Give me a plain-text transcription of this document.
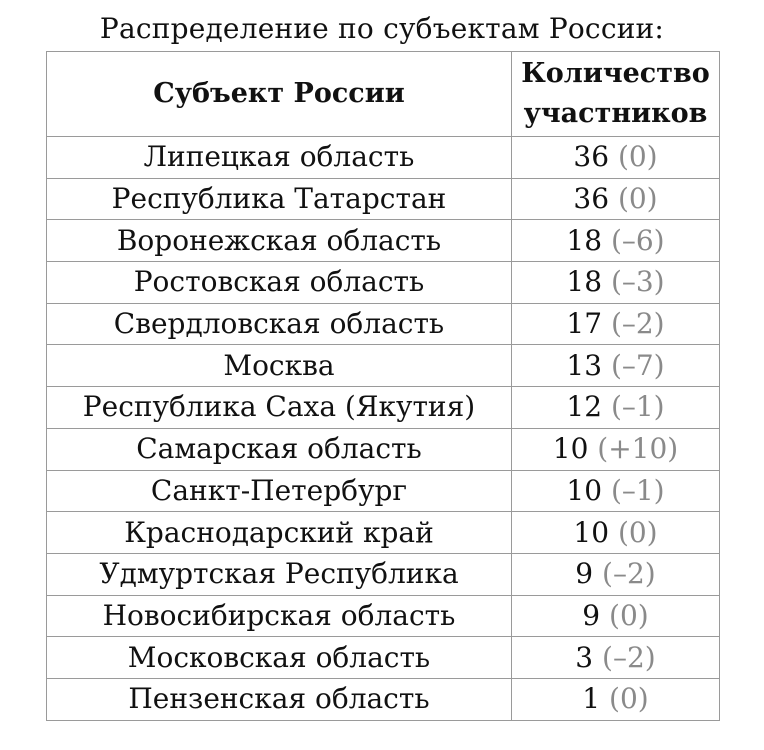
Распределение по субъектам России:
Субъект России	Количество участников
Липецкая область	36 (0)
Республика Татарстан	36 (0)
Воронежская область	18 (–6)
Ростовская область	18 (–3)
Свердловская область	17 (–2)
Москва	13 (–7)
Республика Саха (Якутия)	12 (–1)
Самарская область	10 (+10)
Санкт-Петербург	10 (–1)
Краснодарский край	10 (0)
Удмуртская Республика	9 (–2)
Новосибирская область	9 (0)
Московская область	3 (–2)
Пензенская область	1 (0)
